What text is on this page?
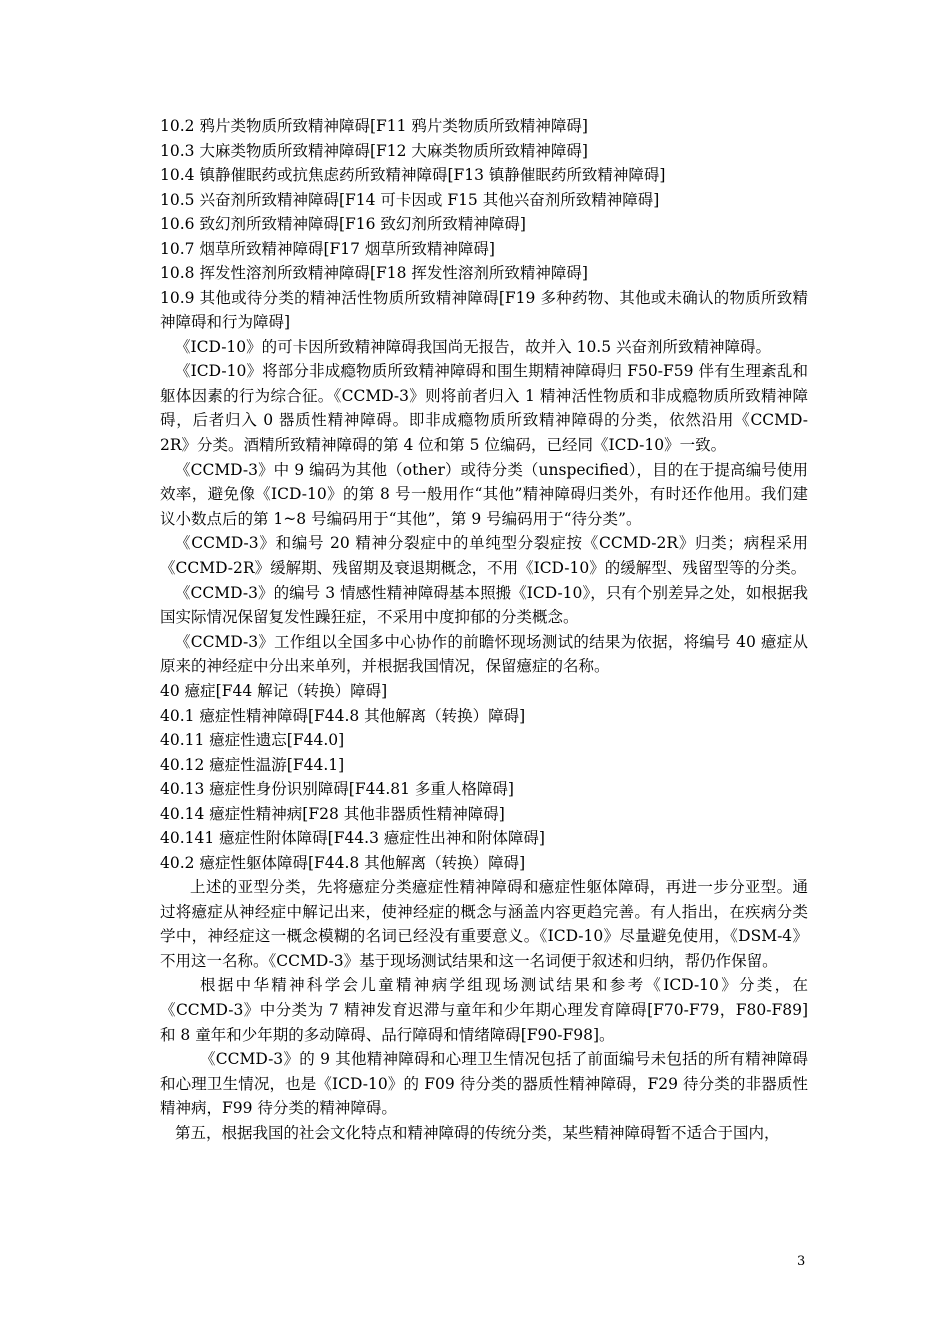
10.2 鸦片类物质所致精神障碍[F11 鸦片类物质所致精神障碍]
10.3 大麻类物质所致精神障碍[F12 大麻类物质所致精神障碍]
10.4 镇静催眠药或抗焦虑药所致精神障碍[F13 镇静催眠药所致精神障碍]
10.5 兴奋剂所致精神障碍[F14 可卡因或 F15 其他兴奋剂所致精神障碍]
10.6 致幻剂所致精神障碍[F16 致幻剂所致精神障碍]
10.7 烟草所致精神障碍[F17 烟草所致精神障碍]
10.8 挥发性溶剂所致精神障碍[F18 挥发性溶剂所致精神障碍]

10.9 其他或待分类的精神活性物质所致精神障碍[F19 多种药物、其他或未确认的物质所致精神障碍和行为障碍]

《ICD-10》的可卡因所致精神障碍我国尚无报告，故并入 10.5 兴奋剂所致精神障碍。

《ICD-10》将部分非成瘾物质所致精神障碍和围生期精神障碍归 F50-F59 伴有生理紊乱和躯体因素的行为综合征。《CCMD-3》则将前者归入 1 精神活性物质和非成瘾物质所致精神障碍，后者归入 0 器质性精神障碍。即非成瘾物质所致精神障碍的分类，依然沿用《CCMD-2R》分类。酒精所致精神障碍的第 4 位和第 5 位编码，已经同《ICD-10》一致。

《CCMD-3》中 9 编码为其他（other）或待分类（unspecified），目的在于提高编号使用效率，避免像《ICD-10》的第 8 号一般用作“其他”精神障碍归类外，有时还作他用。我们建议小数点后的第 1~8 号编码用于“其他”，第 9 号编码用于“待分类”。

《CCMD-3》和编号 20 精神分裂症中的单纯型分裂症按《CCMD-2R》归类；病程采用《CCMD-2R》缓解期、残留期及衰退期概念，不用《ICD-10》的缓解型、残留型等的分类。

《CCMD-3》的编号 3 情感性精神障碍基本照搬《ICD-10》，只有个别差异之处，如根据我国实际情况保留复发性躁狂症，不采用中度抑郁的分类概念。

《CCMD-3》工作组以全国多中心协作的前瞻怀现场测试的结果为依据，将编号 40 癔症从原来的神经症中分出来单列，并根据我国情况，保留癔症的名称。

40 癔症[F44 解记（转换）障碍]
40.1 癔症性精神障碍[F44.8 其他解离（转换）障碍]
40.11 癔症性遗忘[F44.0]
40.12 癔症性温游[F44.1]
40.13 癔症性身份识别障碍[F44.81 多重人格障碍]
40.14 癔症性精神病[F28 其他非器质性精神障碍]
40.141 癔症性附体障碍[F44.3 癔症性出神和附体障碍]
40.2 癔症性躯体障碍[F44.8 其他解离（转换）障碍]

上述的亚型分类，先将癔症分类癔症性精神障碍和癔症性躯体障碍，再进一步分亚型。通过将癔症从神经症中解记出来，使神经症的概念与涵盖内容更趋完善。有人指出，在疾病分类学中，神经症这一概念模糊的名词已经没有重要意义。《ICD-10》尽量避免使用，《DSM-4》不用这一名称。《CCMD-3》基于现场测试结果和这一名词便于叙述和归纳，帮仍作保留。

根据中华精神科学会儿童精神病学组现场测试结果和参考《ICD-10》分类，在《CCMD-3》中分类为 7 精神发育迟滞与童年和少年期心理发育障碍[F70-F79，F80-F89]和 8 童年和少年期的多动障碍、品行障碍和情绪障碍[F90-F98]。

《CCMD-3》的 9 其他精神障碍和心理卫生情况包括了前面编号未包括的所有精神障碍和心理卫生情况，也是《ICD-10》的 F09 待分类的器质性精神障碍，F29 待分类的非器质性精神病，F99 待分类的精神障碍。

第五，根据我国的社会文化特点和精神障碍的传统分类，某些精神障碍暂不适合于国内，

3
